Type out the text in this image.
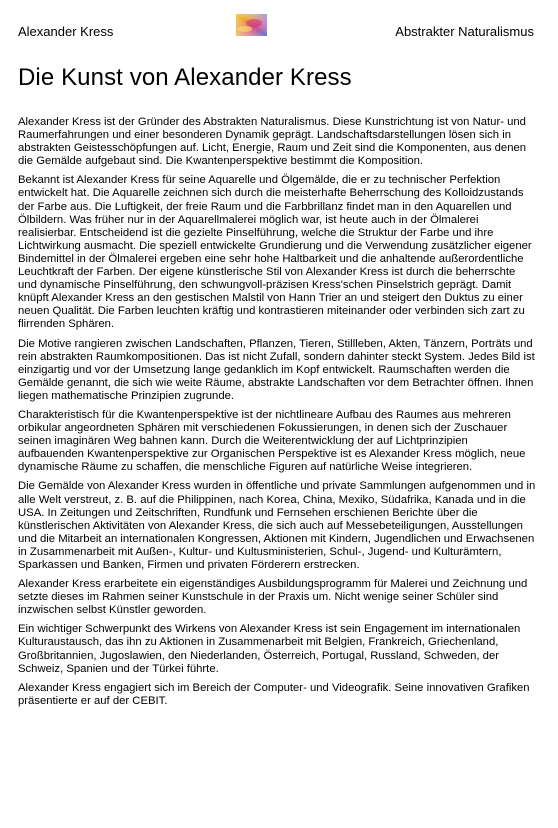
Alexander Kress	Abstrakter Naturalismus
Die Kunst von Alexander Kress

Alexander Kress ist der Gründer des Abstrakten Naturalismus. Diese Kunstrichtung ist von Natur- und Raumerfahrungen und einer besonderen Dynamik geprägt. Landschaftsdarstellungen lösen sich in abstrakten Geistesschöpfungen auf. Licht, Energie, Raum und Zeit sind die Komponenten, aus denen die Gemälde aufgebaut sind. Die Kwantenperspektive bestimmt die Komposition.

Bekannt ist Alexander Kress für seine Aquarelle und Ölgemälde, die er zu technischer Perfektion entwickelt hat. Die Aquarelle zeichnen sich durch die meisterhafte Beherrschung des Kolloidzustands der Farbe aus. Die Luftigkeit, der freie Raum und die Farbbrillanz findet man in den Aquarellen und Ölbildern. Was früher nur in der Aquarellmalerei möglich war, ist heute auch in der Ölmalerei realisierbar. Entscheidend ist die gezielte Pinselführung, welche die Struktur der Farbe und ihre Lichtwirkung ausmacht. Die speziell entwickelte Grundierung und die Verwendung zusätzlicher eigener Bindemittel in der Ölmalerei ergeben eine sehr hohe Haltbarkeit und die anhaltende außerordentliche Leuchtkraft der Farben. Der eigene künstlerische Stil von Alexander Kress ist durch die beherrschte und dynamische Pinselführung, den schwungvoll-präzisen Kress'schen Pinselstrich geprägt. Damit knüpft Alexander Kress an den gestischen Malstil von Hann Trier an und steigert den Duktus zu einer neuen Qualität. Die Farben leuchten kräftig und kontrastieren miteinander oder verbinden sich zart zu flirrenden Sphären.

Die Motive rangieren zwischen Landschaften, Pflanzen, Tieren, Stillleben, Akten, Tänzern, Porträts und rein abstrakten Raumkompositionen. Das ist nicht Zufall, sondern dahinter steckt System. Jedes Bild ist einzigartig und vor der Umsetzung lange gedanklich im Kopf entwickelt. Raumschaften werden die Gemälde genannt, die sich wie weite Räume, abstrakte Landschaften vor dem Betrachter öffnen. Ihnen liegen mathematische Prinzipien zugrunde.

Charakteristisch für die Kwantenperspektive ist der nichtlineare Aufbau des Raumes aus mehreren orbikular angeordneten Sphären mit verschiedenen Fokussierungen, in denen sich der Zuschauer seinen imaginären Weg bahnen kann. Durch die Weiterentwicklung der auf Lichtprinzipien aufbauenden Kwantenperspektive zur Organischen Perspektive ist es Alexander Kress möglich, neue dynamische Räume zu schaffen, die menschliche Figuren auf natürliche Weise integrieren.

Die Gemälde von Alexander Kress wurden in öffentliche und private Sammlungen aufgenommen und in alle Welt verstreut, z. B. auf die Philippinen, nach Korea, China, Mexiko, Südafrika, Kanada und in die USA. In Zeitungen und Zeitschriften, Rundfunk und Fernsehen erschienen Berichte über die künstlerischen Aktivitäten von Alexander Kress, die sich auch auf Messebeteiligungen, Ausstellungen und die Mitarbeit an internationalen Kongressen, Aktionen mit Kindern, Jugendlichen und Erwachsenen in Zusammenarbeit mit Außen-, Kultur- und Kultusministerien, Schul-, Jugend- und Kulturämtern, Sparkassen und Banken, Firmen und privaten Förderern erstrecken.

Alexander Kress erarbeitete ein eigenständiges Ausbildungsprogramm für Malerei und Zeichnung und setzte dieses im Rahmen seiner Kunstschule in der Praxis um. Nicht wenige seiner Schüler sind inzwischen selbst Künstler geworden.

Ein wichtiger Schwerpunkt des Wirkens von Alexander Kress ist sein Engagement im internationalen Kulturaustausch, das ihn zu Aktionen in Zusammenarbeit mit Belgien, Frankreich, Griechenland, Großbritannien, Jugoslawien, den Niederlanden, Österreich, Portugal, Russland, Schweden, der Schweiz, Spanien und der Türkei führte.

Alexander Kress engagiert sich im Bereich der Computer- und Videografik. Seine innovativen Grafiken präsentierte er auf der CEBIT.
